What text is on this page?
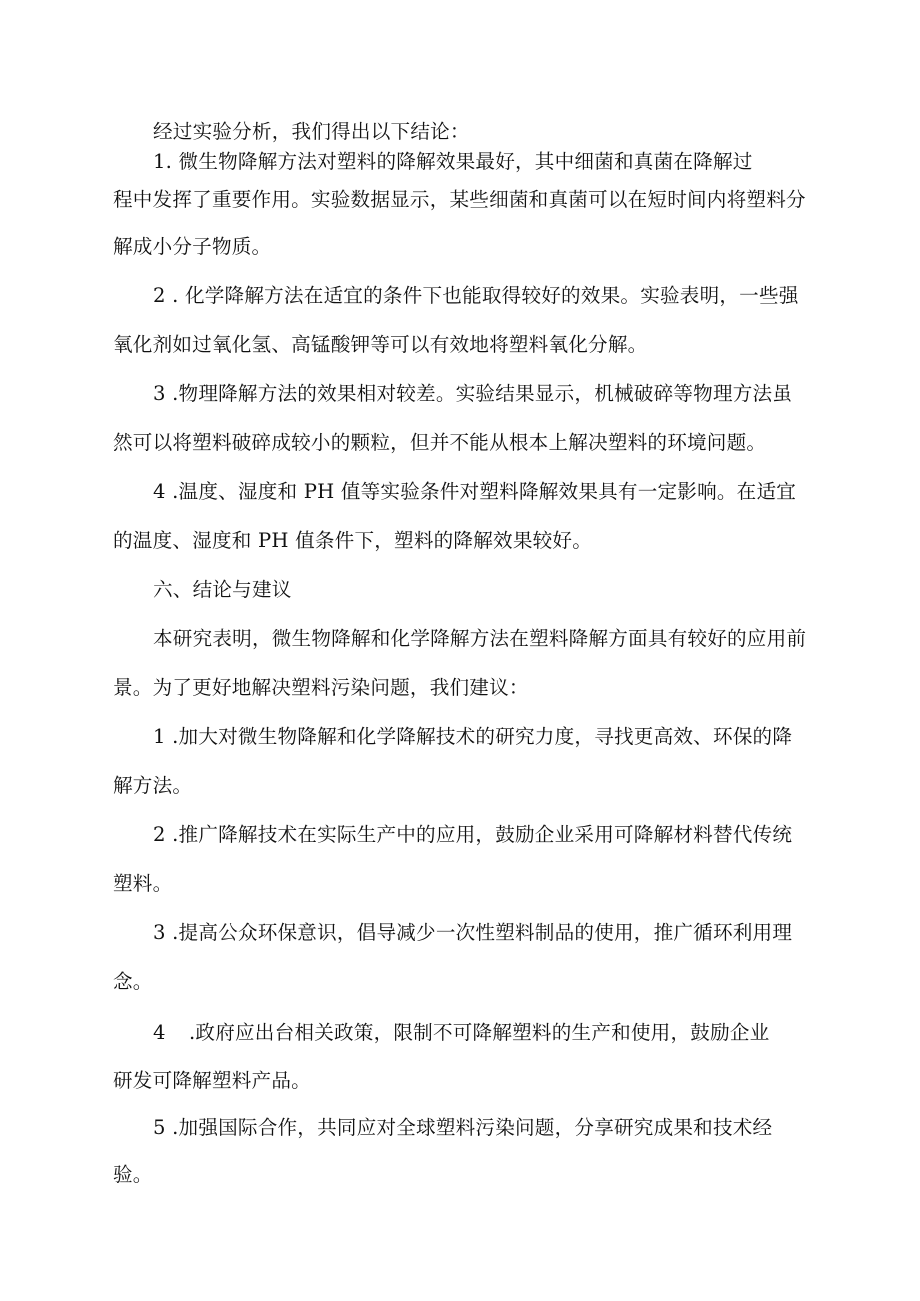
经过实验分析，我们得出以下结论：
1. 微生物降解方法对塑料的降解效果最好，其中细菌和真菌在降解过
程中发挥了重要作用。实验数据显示，某些细菌和真菌可以在短时间内将塑料分
解成小分子物质。
2 . 化学降解方法在适宜的条件下也能取得较好的效果。实验表明，一些强
氧化剂如过氧化氢、高锰酸钾等可以有效地将塑料氧化分解。
3 .物理降解方法的效果相对较差。实验结果显示，机械破碎等物理方法虽
然可以将塑料破碎成较小的颗粒，但并不能从根本上解决塑料的环境问题。
4 .温度、湿度和 PH 值等实验条件对塑料降解效果具有一定影响。在适宜
的温度、湿度和 PH 值条件下，塑料的降解效果较好。
六、结论与建议
本研究表明，微生物降解和化学降解方法在塑料降解方面具有较好的应用前
景。为了更好地解决塑料污染问题，我们建议：
1 .加大对微生物降解和化学降解技术的研究力度，寻找更高效、环保的降
解方法。
2 .推广降解技术在实际生产中的应用，鼓励企业采用可降解材料替代传统
塑料。
3 .提高公众环保意识，倡导减少一次性塑料制品的使用，推广循环利用理
念。
4 .政府应出台相关政策，限制不可降解塑料的生产和使用，鼓励企业
研发可降解塑料产品。
5 .加强国际合作，共同应对全球塑料污染问题，分享研究成果和技术经
验。
